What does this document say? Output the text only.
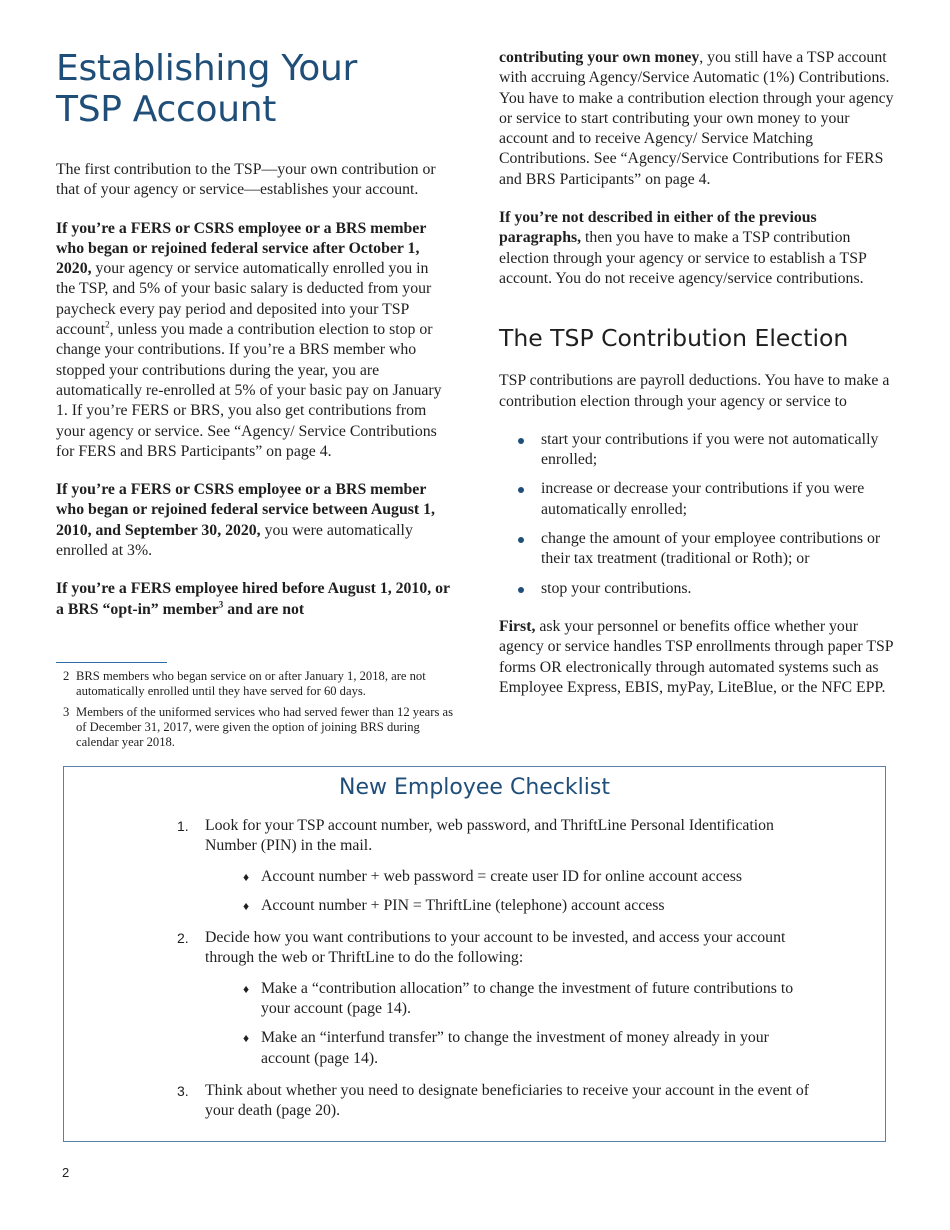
Establishing Your
TSP Account

The first contribution to the TSP—your own contribution or that of your agency or service—establishes your account.

If you’re a FERS or CSRS employee or a BRS member who began or rejoined federal service after October 1, 2020, your agency or service automatically enrolled you in the TSP, and 5% of your basic salary is deducted from your paycheck every pay period and deposited into your TSP account$^2$, unless you made a contribution election to stop or change your contributions. If you’re a BRS member who stopped your contributions during the year, you are automatically re-enrolled at 5% of your basic pay on January 1. If you’re FERS or BRS, you also get contributions from your agency or service. See “Agency/ Service Contributions for FERS and BRS Participants” on page 4.

If you’re a FERS or CSRS employee or a BRS member who began or rejoined federal service between August 1, 2010, and September 30, 2020, you were automatically enrolled at 3%.

If you’re a FERS employee hired before August 1, 2010, or a BRS “opt-in” member$^3$ and are not

2 BRS members who began service on or after January 1, 2018, are not automatically enrolled until they have served for 60 days.
3 Members of the uniformed services who had served fewer than 12 years as of December 31, 2017, were given the option of joining BRS during calendar year 2018.

contributing your own money, you still have a TSP account with accruing Agency/Service Automatic (1%) Contributions. You have to make a contribution election through your agency or service to start contributing your own money to your account and to receive Agency/ Service Matching Contributions. See “Agency/Service Contributions for FERS and BRS Participants” on page 4.

If you’re not described in either of the previous paragraphs, then you have to make a TSP contribution election through your agency or service to establish a TSP account. You do not receive agency/service contributions.

The TSP Contribution Election

TSP contributions are payroll deductions. You have to make a contribution election through your agency or service to

start your contributions if you were not automatically enrolled;
increase or decrease your contributions if you were automatically enrolled;
change the amount of your employee contributions or their tax treatment (traditional or Roth); or
stop your contributions.

First, ask your personnel or benefits office whether your agency or service handles TSP enrollments through paper TSP forms OR electronically through automated systems such as Employee Express, EBIS, myPay, LiteBlue, or the NFC EPP.

New Employee Checklist
1. Look for your TSP account number, web password, and ThriftLine Personal Identification Number (PIN) in the mail.
♦ Account number + web password = create user ID for online account access
♦ Account number + PIN = ThriftLine (telephone) account access
2. Decide how you want contributions to your account to be invested, and access your account through the web or ThriftLine to do the following:
♦ Make a “contribution allocation” to change the investment of future contributions to your account (page 14).
♦ Make an “interfund transfer” to change the investment of money already in your account (page 14).
3. Think about whether you need to designate beneficiaries to receive your account in the event of your death (page 20).
2
